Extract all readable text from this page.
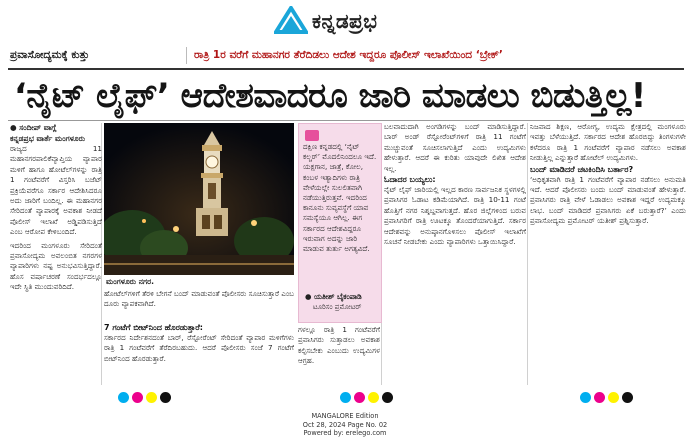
ಕನ್ನಡಪ್ರಭ
ಪ್ರವಾಸೋದ್ಯಮಕ್ಕೆ ಕುತ್ತು	ರಾತ್ರಿ 1ರ ವರೆಗೆ ಮಹಾನಗರ ತೆರೆದಿಡಲು ಆದೇಶ ಇದ್ದರೂ ಪೊಲೀಸ್ ಇಲಾಖೆಯಿಂದ ‘ಬ್ರೇಕ್’
‘ನೈಟ್ ಲೈಫ್’ ಆದೇಶವಾದರೂ ಜಾರಿ ಮಾಡಲು ಬಿಡುತ್ತಿಲ್ಲ!
● ಸಂದೀಪ್ ವಾಗ್ಲೆ
ಕನ್ನಡಪ್ರಭ ವಾರ್ತೆ ಮಂಗಳೂರು
ರಾಜ್ಯದ 11 ಮಹಾನಗರಪಾಲಿಕೆವ್ಯಾಪ್ತಿಯ ವ್ಯಾಪಾರ ಮಳಿಗೆ ಹಾಗೂ ಹೋಟೆಲ್‌ಗಳನ್ನು ರಾತ್ರಿ 1 ಗಂಟೆವರೆಗೆ ವಿಸ್ತರಿಸಿ ಬಜೆಟ್ ಪ್ರಕ್ರಿಯೆವರೆಗೂ ಸರ್ಕಾರ ಆದೇಶಿಸಿದರೂ ಅದು ಜಾರಿಗೆ ಬಂದಿಲ್ಲ. ಈ ಮಹಾನಗರ ಸೇರಿದಂತೆ ವ್ಯಾಪಾರಕ್ಕೆ ಅವಕಾಶ ನೀಡದೆ ಪೊಲೀಸ್ ಇಲಾಖೆ ಅಡ್ಡಿಪಡಿಸುತ್ತಿದೆ ಎಂಬ ಆರೋಪ ಕೇಳಿಬಂದಿದೆ.
ಇದರಿಂದ ಮಂಗಳೂರು ಸೇರಿದಂತೆ ಪ್ರವಾಸೋದ್ಯಮ ಅವಲಂಬಿತ ನಗರಗಳ ವ್ಯಾಪಾರಿಗಳು ನಷ್ಟ ಅನುಭವಿಸುತ್ತಿದ್ದಾರೆ. ಹೊಸ ವರ್ಷಾಚರಣೆ ಸಂದರ್ಭದಲ್ಲೂ ಇದೇ ಸ್ಥಿತಿ ಮುಂದುವರಿದಿದೆ.
ಮಂಗಳೂರು ನಗರ.
ಹೋಟೆಲ್‌ಗಳಿಗೆ ತೆರಳಿ ಬೇಗನೆ ಬಂದ್ ಮಾಡುವಂತೆ ಪೊಲೀಸರು ಸೂಚಿಸುತ್ತಾರೆ ಎಂಬ ದೂರು ವ್ಯಾಪಕವಾಗಿದೆ.
7 ಗಂಟೆಗೆ ಬೀಟ್‌ನಿಂದ ಹೊರಡುತ್ತಾರೆ:
ಸರ್ಕಾರದ ನಿರ್ದೇಶನದಂತೆ ಬಾರ್, ರೆಸ್ಟೋರೆಂಟ್ ಸೇರಿದಂತೆ ವ್ಯಾಪಾರ ಮಳಿಗೆಗಳು ರಾತ್ರಿ 1 ಗಂಟೆವರೆಗೆ ತೆರೆದಿರಬಹುದು. ಆದರೆ ಪೊಲೀಸರು ಸಂಜೆ 7 ಗಂಟೆಗೆ ಬೀಟ್‌ನಿಂದ ಹೊರಡುತ್ತಾರೆ.
ದಕ್ಷಿಣ ಕನ್ನಡದಲ್ಲಿ ‘ನೈಟ್ ಕಲ್ಚರ್’ ಮೊದಲಿನಿಂದಲೂ ಇದೆ. ಯಕ್ಷಗಾನ, ಜಾತ್ರೆ, ಕೋಲ, ಕಂಬಳ ಇತ್ಯಾದಿಗಳು ರಾತ್ರಿ ವೇಳೆಯಲ್ಲೇ ಸುಲಲಿತವಾಗಿ ನಡೆಯುತ್ತಿರುತ್ತವೆ. ಇದರಿಂದ ಕಾನೂನು ಸುವ್ಯವಸ್ಥೆಗೆ ಯಾವ ಸಮಸ್ಯೆಯೂ ಆಗಿಲ್ಲ. ಈಗ ಸರ್ಕಾರದ ಆದೇಶವಿದ್ದರೂ ಇರುವಾಗ ಅದನ್ನು ಜಾರಿ ಮಾಡುವ ತುರ್ತು ಅಗತ್ಯವಿದೆ.
● ಯತೀಶ್ ಬೈಕಂಪಾಡಿ
ಟೂರಿಸಂ ಪ್ರಮೋಟರ್
ಗಳಲ್ಲೂ ರಾತ್ರಿ 1 ಗಂಟೆವರೆಗೆ ಪ್ರವಾಸಿಗರು ಸುತ್ತಾಡಲು ಅವಕಾಶ ಕಲ್ಪಿಸಬೇಕು ಎಂಬುದು ಉದ್ಯಮಿಗಳ ಆಗ್ರಹ.
ಬಲವಾದುದಾಗಿ ಅಂಗಡಿಗಳನ್ನು ಬಂದ್ ಮಾಡಿಸುತ್ತಿದ್ದಾರೆ. ಬಾರ್ ಅಂಡ್ ರೆಸ್ಟೋರೆಂಟ್‌ಗಳಿಗೆ ರಾತ್ರಿ 11 ಗಂಟೆಗೆ ಮುಚ್ಚುವಂತೆ ಸೂಚಿಸಲಾಗುತ್ತಿದೆ ಎಂದು ಉದ್ಯಮಿಗಳು ಹೇಳುತ್ತಾರೆ. ಆದರೆ ಈ ಕುರಿತು ಯಾವುದೇ ಲಿಖಿತ ಆದೇಶ ಇಲ್ಲ.
ಓದಾದರ ಬಯ್ಯಲು:
ನೈಟ್ ಲೈಫ್ ಜಾರಿಯಲ್ಲಿ ಇಲ್ಲದ ಕಾರಣ ಸಾರ್ವಜನಿಕ ಸ್ಥಳಗಳಲ್ಲಿ ಪ್ರವಾಸಿಗರ ಓಡಾಟ ಕಡಿಮೆಯಾಗಿದೆ. ರಾತ್ರಿ 10-11 ಗಂಟೆ ಹೊತ್ತಿಗೆ ನಗರ ನಿಶ್ಶಬ್ದವಾಗುತ್ತದೆ. ಹೊರ ಜಿಲ್ಲೆಗಳಿಂದ ಬರುವ ಪ್ರವಾಸಿಗರಿಗೆ ರಾತ್ರಿ ಊಟಕ್ಕೂ ತೊಂದರೆಯಾಗುತ್ತಿದೆ. ಸರ್ಕಾರ ಆದೇಶವನ್ನು ಅನುಷ್ಠಾನಗೊಳಿಸಲು ಪೊಲೀಸ್ ಇಲಾಖೆಗೆ ಸೂಚನೆ ನೀಡಬೇಕು ಎಂದು ವ್ಯಾಪಾರಿಗಳು ಒತ್ತಾಯಿಸಿದ್ದಾರೆ.
ನಿಜವಾದ ಶಿಕ್ಷಣ, ಆರೋಗ್ಯ, ಉದ್ಯಮ ಕ್ಷೇತ್ರದಲ್ಲಿ ಮಂಗಳೂರು ಇವತ್ತು ಬೆಳೆಯುತ್ತಿದೆ. ಸರ್ಕಾರದ ಆದೇಶ ಹೊರಬಿದ್ದು ತಿಂಗಳುಗಳೇ ಕಳೆದರೂ ರಾತ್ರಿ 1 ಗಂಟೆವರೆಗೆ ವ್ಯಾಪಾರ ನಡೆಸಲು ಅವಕಾಶ ನೀಡುತ್ತಿಲ್ಲ ಎನ್ನುತ್ತಾರೆ ಹೋಟೆಲ್ ಉದ್ಯಮಿಗಳು.
ಬಂದ್ ಮಾಡಿದರೆ ಚಟಕಿಂದಿಸಿ ಬರ್ತಾರ?
‘ಅಧಿಕೃತವಾಗಿ ರಾತ್ರಿ 1 ಗಂಟೆವರೆಗೆ ವ್ಯಾಪಾರ ನಡೆಸಲು ಅನುಮತಿ ಇದೆ. ಆದರೆ ಪೊಲೀಸರು ಬಂದು ಬಂದ್ ಮಾಡುವಂತೆ ಹೇಳುತ್ತಾರೆ. ಪ್ರವಾಸಿಗರು ರಾತ್ರಿ ವೇಳೆ ಓಡಾಡಲು ಅವಕಾಶ ಇದ್ದರೆ ಉದ್ಯಮಕ್ಕೂ ಲಾಭ. ಬಂದ್ ಮಾಡಿದರೆ ಪ್ರವಾಸಿಗರು ಏಕೆ ಬರುತ್ತಾರೆ?’ ಎಂದು ಪ್ರವಾಸೋದ್ಯಮ ಪ್ರಮೋಟರ್ ಯತೀಶ್ ಪ್ರಶ್ನಿಸುತ್ತಾರೆ.
MANGALORE Edition
Oct 28, 2024 Page No. 02
Powered by: erelego.com
